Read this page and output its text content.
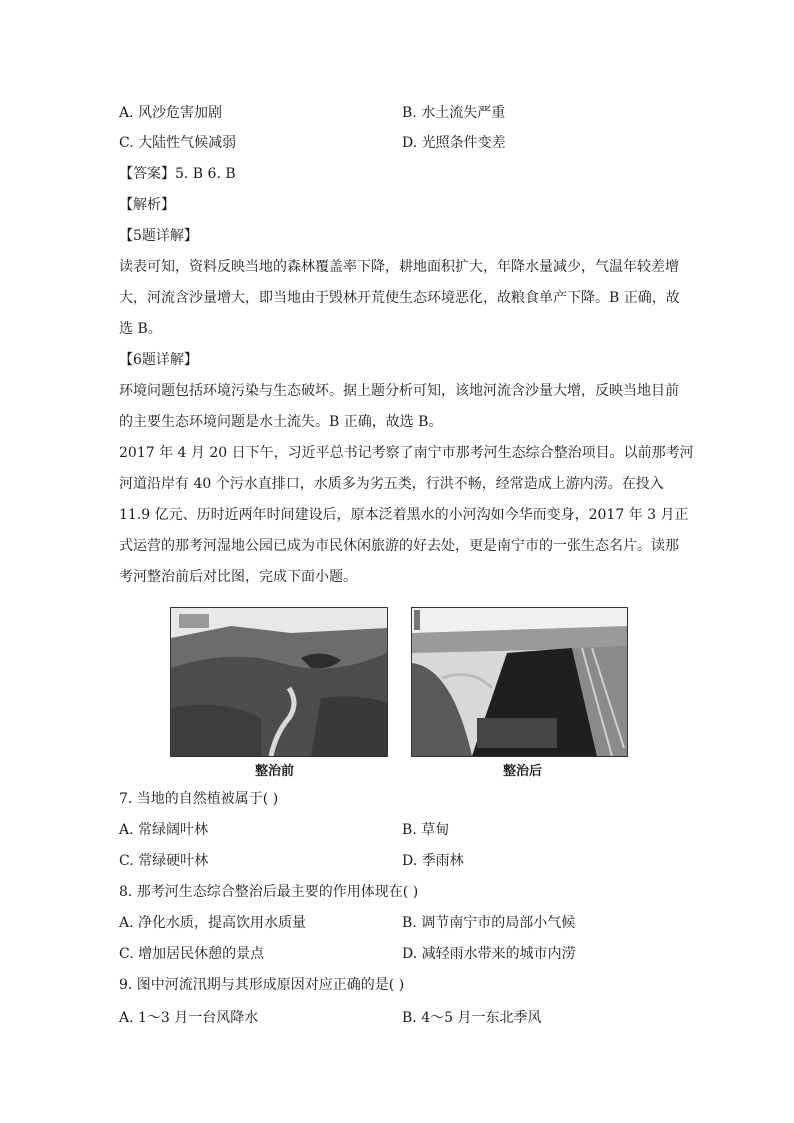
A. 风沙危害加剧	B. 水土流失严重
C. 大陆性气候减弱	D. 光照条件变差
【答案】5. B 6. B
【解析】
【5题详解】
读表可知，资料反映当地的森林覆盖率下降，耕地面积扩大，年降水量减少，气温年较差增
大，河流含沙量增大，即当地由于毁林开荒使生态环境恶化，故粮食单产下降。B 正确，故
选 B。
【6题详解】
环境问题包括环境污染与生态破坏。据上题分析可知，该地河流含沙量大增，反映当地目前
的主要生态环境问题是水土流失。B 正确，故选 B。
2017 年 4 月 20 日下午，习近平总书记考察了南宁市那考河生态综合整治项目。以前那考河
河道沿岸有 40 个污水直排口，水质多为劣五类，行洪不畅，经常造成上游内涝。在投入
11.9 亿元、历时近两年时间建设后，原本泛着黑水的小河沟如今华而变身，2017 年 3 月正
式运营的那考河湿地公园已成为市民休闲旅游的好去处，更是南宁市的一张生态名片。读那
考河整治前后对比图，完成下面小题。
整治前	整治后
7. 当地的自然植被属于( )
A. 常绿阔叶林	B. 草甸
C. 常绿硬叶林	D. 季雨林
8. 那考河生态综合整治后最主要的作用体现在( )
A. 净化水质，提高饮用水质量	B. 调节南宁市的局部小气候
C. 增加居民休憩的景点	D. 减轻雨水带来的城市内涝
9. 图中河流汛期与其形成原因对应正确的是( )
A. 1～3 月一台风降水	B. 4～5 月一东北季风
